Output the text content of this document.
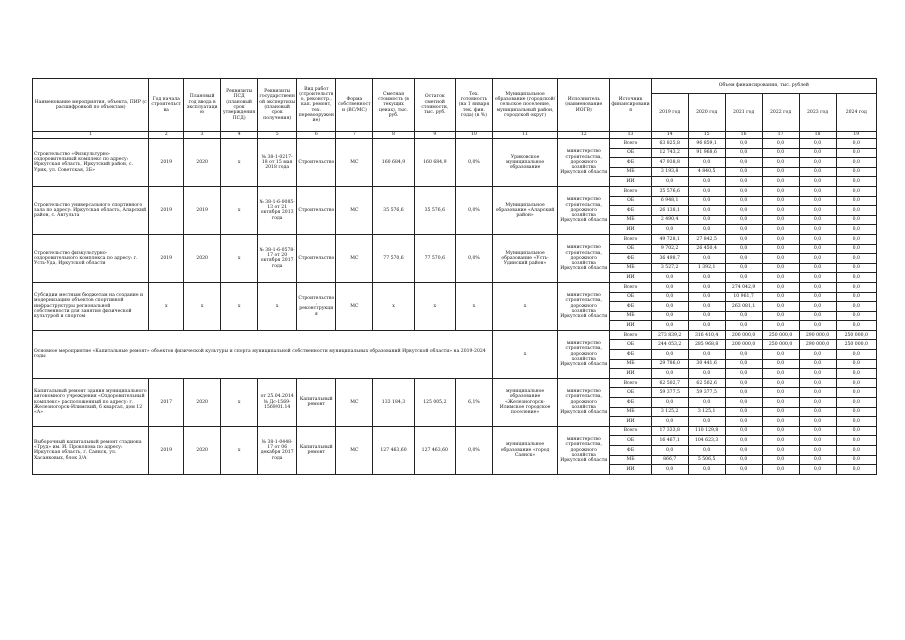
Наименование мероприятия, объекта, ПИР (с расшифровкой по объектам)	Год начала строительства	Плановый год ввода в эксплуатацию	Реквизиты ПСД (плановый срок утверждения ПСД)	Реквизиты государственной экспертизы (плановый срок получения)	Вид работ (строительство, реконстр., кап. ремонт, тех. перевооружение)	Форма собственности (ВС/МС)	Сметная стоимость (в текущих ценах), тыс. руб.	Остаток сметной стоимости, тыс. руб.	Тех. готовность (на 1 января тек. фин. года) (в %)	Муниципальное образование (городской/сельское поселение, муниципальный район, городской округ)	Исполнитель (наименование ИОГВ)	Источник финансирования	Объем финансирования, тыс. рублей					
													2019 год	2020 год	2021 год	2022 год	2023 год	2024 год
1	2	3	4	5	6	7	8	9	10	11	12	13	14	15	16	17	18	19
Строительство «Физкультурно-оздоровительный комплекс по адресу: Иркутская область, Иркутский район, с. Урик, ул. Советская, 3Б»	2019	2020	х	№ 38-1-0217-18 от 15 мая 2018 года	Строительство	МС	160 684,9	160 684,9	0,0%	Уриковское муниципальное образование	министерство строительства, дорожного хозяйства Иркутской области	Всего	63 825,8	96 859,1	0,0	0,0	0,0	0,0
												ОБ	12 743,2	91 968,6	0,0	0,0	0,0	0,0
												ФБ	47 938,8	0,0	0,0	0,0	0,0	0,0
												МБ	3 193,8	4 840,5	0,0	0,0	0,0	0,0
												ИИ	0,0	0,0	0,0	0,0	0,0	0,0
Строительство универсального спортивного зала по адресу: Иркутская область, Аларский район, с. Ангульта	2019	2019	х	№ 38-1-6-0085-13 от 21 октября 2013 года	Строительство	МС	35 576,6	35 576,6	0,0%	Муниципальное образование «Аларский район»	министерство строительства, дорожного хозяйства Иркутской области	Всего	35 576,6	0,0	0,0	0,0	0,0	0,0
												ОБ	6 948,1	0,0	0,0	0,0	0,0	0,0
												ФБ	26 138,1	0,0	0,0	0,0	0,0	0,0
												МБ	2 490,4	0,0	0,0	0,0	0,0	0,0
												ИИ	0,0	0,0	0,0	0,0	0,0	0,0
Строительство физкультурно-оздоровительного комплекса по адресу: г. Усть-Уда, Иркутской области	2019	2020	х	№ 38-1-6-0578-17 от 20 октября 2017 года	Строительство	МС	77 570,6	77 570,6	0,0%	Муниципальное образование «Усть-Удинский район»	министерство строительства, дорожного хозяйства Иркутской области	Всего	49 728,1	27 842,5	0,0	0,0	0,0	0,0
												ОБ	9 702,2	26 450,4	0,0	0,0	0,0	0,0
												ФБ	36 498,7	0,0	0,0	0,0	0,0	0,0
												МБ	3 527,2	1 392,1	0,0	0,0	0,0	0,0
												ИИ	0,0	0,0	0,0	0,0	0,0	0,0
Субсидии местным бюджетам на создание и модернизацию объектов спортивной инфраструктуры региональной собственности для занятия физической культурой и спортом	х	х	х	х	Строительство, реконструкция	МС	х	х	х	х	министерство строительства, дорожного хозяйства Иркутской области	Всего	0,0	0,0	274 042,9	0,0	0,0	0,0
												ОБ	0,0	0,0	10 961,7	0,0	0,0	0,0
												ФБ	0,0	0,0	263 081,1	0,0	0,0	0,0
												МБ	0,0	0,0	0,0	0,0	0,0	0,0
												ИИ	0,0	0,0	0,0	0,0	0,0	0,0
Основное мероприятие «Капитальные ремонт» объектов физической культуры и спорта муниципальной собственности муниципальных образований Иркутской области» на 2019-2024 годы										х	министерство строительства, дорожного хозяйства Иркутской области	Всего	273 839,2	316 410,4	200 000,0	250 000,0	290 000,0	250 000,0
												ОБ	244 053,2	285 968,8	200 000,0	250 000,0	290 000,0	250 000,0
												ФБ	0,0	0,0	0,0	0,0	0,0	0,0
												МБ	29 786,0	30 441,6	0,0	0,0	0,0	0,0
												ИИ	0,0	0,0	0,0	0,0	0,0	0,0
Капитальный ремонт здания муниципального автономного учреждения «Оздоровительный комплекс» расположенный по адресу: г. Железногорск-Илимский, 6 квартал, дом 12 «А»	2017	2020	х	от 25.04.2014 № Дс-1569-1569/01.14	Капитальный ремонт	МС	133 184,3	125 005,2	6,1%	муниципальное образование «Железногорск-Илимское городское поселение»	министерство строительства, дорожного хозяйства Иркутской области	Всего	62 502,7	62 502,6	0,0	0,0	0,0	0,0
												ОБ	59 377,5	59 377,5	0,0	0,0	0,0	0,0
												ФБ	0,0	0,0	0,0	0,0	0,0	0,0
												МБ	3 125,2	3 125,1	0,0	0,0	0,0	0,0
												ИИ	0,0	0,0	0,0	0,0	0,0	0,0
Выборочный капитальный ремонт стадиона «Труд» им. И. Прокопова по адресу: Иркутская область, г. Саянск, ул. Хасанковых, блок 3/А	2019	2020	х	№ 38-1-0448-17 от 06 декабря 2017 года	Капитальный ремонт	МС	127 463,60	127 463,60	0,0%	муниципальное образование «город Саянск»	министерство строительства, дорожного хозяйства Иркутской области	Всего	17 333,8	110 129,8	0,0	0,0	0,0	0,0
												ОБ	16 467,1	104 623,3	0,0	0,0	0,0	0,0
												ФБ	0,0	0,0	0,0	0,0	0,0	0,0
												МБ	866,7	5 506,5	0,0	0,0	0,0	0,0
												ИИ	0,0	0,0	0,0	0,0	0,0	0,0
